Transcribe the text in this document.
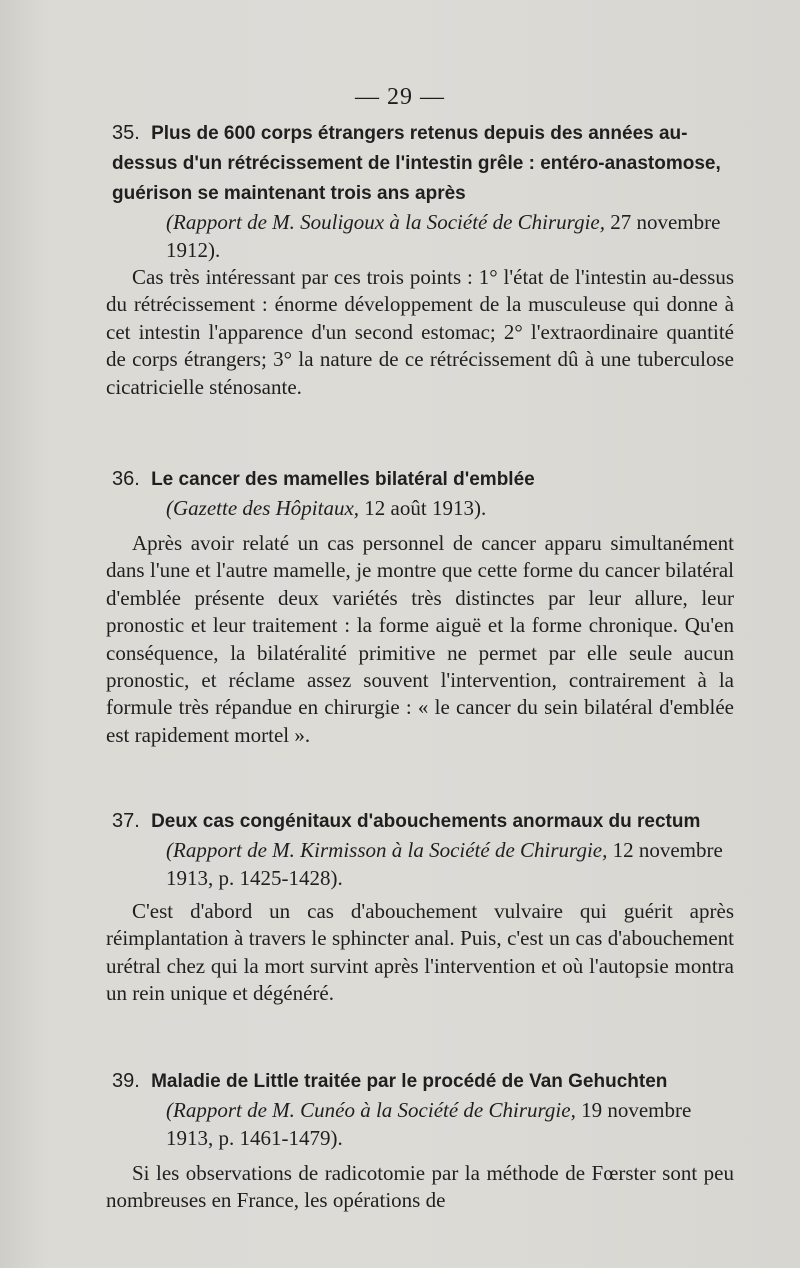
— 29 —
35. Plus de 600 corps étrangers retenus depuis des années au-dessus d'un rétrécissement de l'intestin grêle : entéro-anastomose, guérison se maintenant trois ans après
(Rapport de M. Souligoux à la Société de Chirurgie, 27 novembre 1912).
Cas très intéressant par ces trois points : 1° l'état de l'intestin au-dessus du rétrécissement : énorme développement de la musculeuse qui donne à cet intestin l'apparence d'un second estomac; 2° l'extraordinaire quantité de corps étrangers; 3° la nature de ce rétrécissement dû à une tuberculose cicatricielle sténosante.
36. Le cancer des mamelles bilatéral d'emblée
(Gazette des Hôpitaux, 12 août 1913).
Après avoir relaté un cas personnel de cancer apparu simultanément dans l'une et l'autre mamelle, je montre que cette forme du cancer bilatéral d'emblée présente deux variétés très distinctes par leur allure, leur pronostic et leur traitement : la forme aiguë et la forme chronique. Qu'en conséquence, la bilatéralité primitive ne permet par elle seule aucun pronostic, et réclame assez souvent l'intervention, contrairement à la formule très répandue en chirurgie : « le cancer du sein bilatéral d'emblée est rapidement mortel ».
37. Deux cas congénitaux d'abouchements anormaux du rectum
(Rapport de M. Kirmisson à la Société de Chirurgie, 12 novembre 1913, p. 1425-1428).
C'est d'abord un cas d'abouchement vulvaire qui guérit après réimplantation à travers le sphincter anal. Puis, c'est un cas d'abouchement urétral chez qui la mort survint après l'intervention et où l'autopsie montra un rein unique et dégénéré.
39. Maladie de Little traitée par le procédé de Van Gehuchten
(Rapport de M. Cunéo à la Société de Chirurgie, 19 novembre 1913, p. 1461-1479).
Si les observations de radicotomie par la méthode de Fœrster sont peu nombreuses en France, les opérations de
